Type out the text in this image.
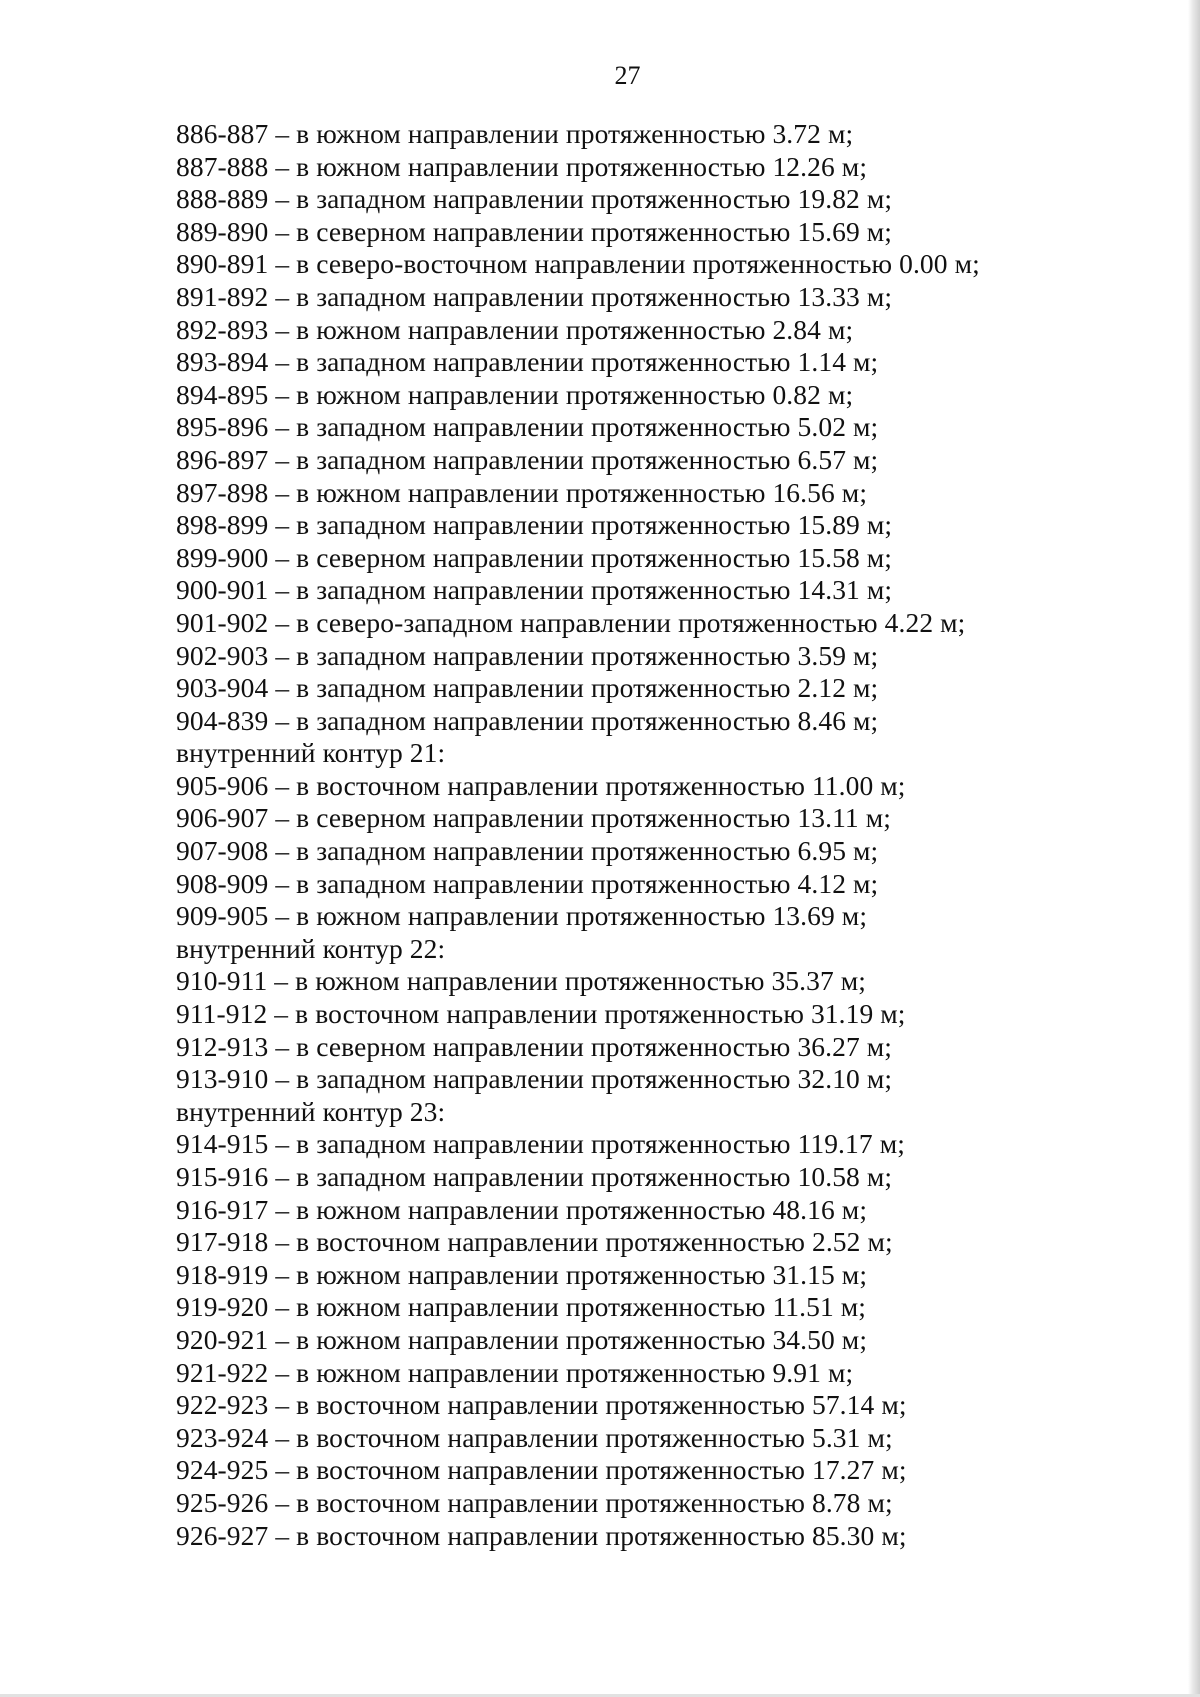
27
886-887 – в южном направлении протяженностью 3.72 м;
887-888 – в южном направлении протяженностью 12.26 м;
888-889 – в западном направлении протяженностью 19.82 м;
889-890 – в северном направлении протяженностью 15.69 м;
890-891 – в северо-восточном направлении протяженностью 0.00 м;
891-892 – в западном направлении протяженностью 13.33 м;
892-893 – в южном направлении протяженностью 2.84 м;
893-894 – в западном направлении протяженностью 1.14 м;
894-895 – в южном направлении протяженностью 0.82 м;
895-896 – в западном направлении протяженностью 5.02 м;
896-897 – в западном направлении протяженностью 6.57 м;
897-898 – в южном направлении протяженностью 16.56 м;
898-899 – в западном направлении протяженностью 15.89 м;
899-900 – в северном направлении протяженностью 15.58 м;
900-901 – в западном направлении протяженностью 14.31 м;
901-902 – в северо-западном направлении протяженностью 4.22 м;
902-903 – в западном направлении протяженностью 3.59 м;
903-904 – в западном направлении протяженностью 2.12 м;
904-839 – в западном направлении протяженностью 8.46 м;
внутренний контур 21:
905-906 – в восточном направлении протяженностью 11.00 м;
906-907 – в северном направлении протяженностью 13.11 м;
907-908 – в западном направлении протяженностью 6.95 м;
908-909 – в западном направлении протяженностью 4.12 м;
909-905 – в южном направлении протяженностью 13.69 м;
внутренний контур 22:
910-911 – в южном направлении протяженностью 35.37 м;
911-912 – в восточном направлении протяженностью 31.19 м;
912-913 – в северном направлении протяженностью 36.27 м;
913-910 – в западном направлении протяженностью 32.10 м;
внутренний контур 23:
914-915 – в западном направлении протяженностью 119.17 м;
915-916 – в западном направлении протяженностью 10.58 м;
916-917 – в южном направлении протяженностью 48.16 м;
917-918 – в восточном направлении протяженностью 2.52 м;
918-919 – в южном направлении протяженностью 31.15 м;
919-920 – в южном направлении протяженностью 11.51 м;
920-921 – в южном направлении протяженностью 34.50 м;
921-922 – в южном направлении протяженностью 9.91 м;
922-923 – в восточном направлении протяженностью 57.14 м;
923-924 – в восточном направлении протяженностью 5.31 м;
924-925 – в восточном направлении протяженностью 17.27 м;
925-926 – в восточном направлении протяженностью 8.78 м;
926-927 – в восточном направлении протяженностью 85.30 м;
